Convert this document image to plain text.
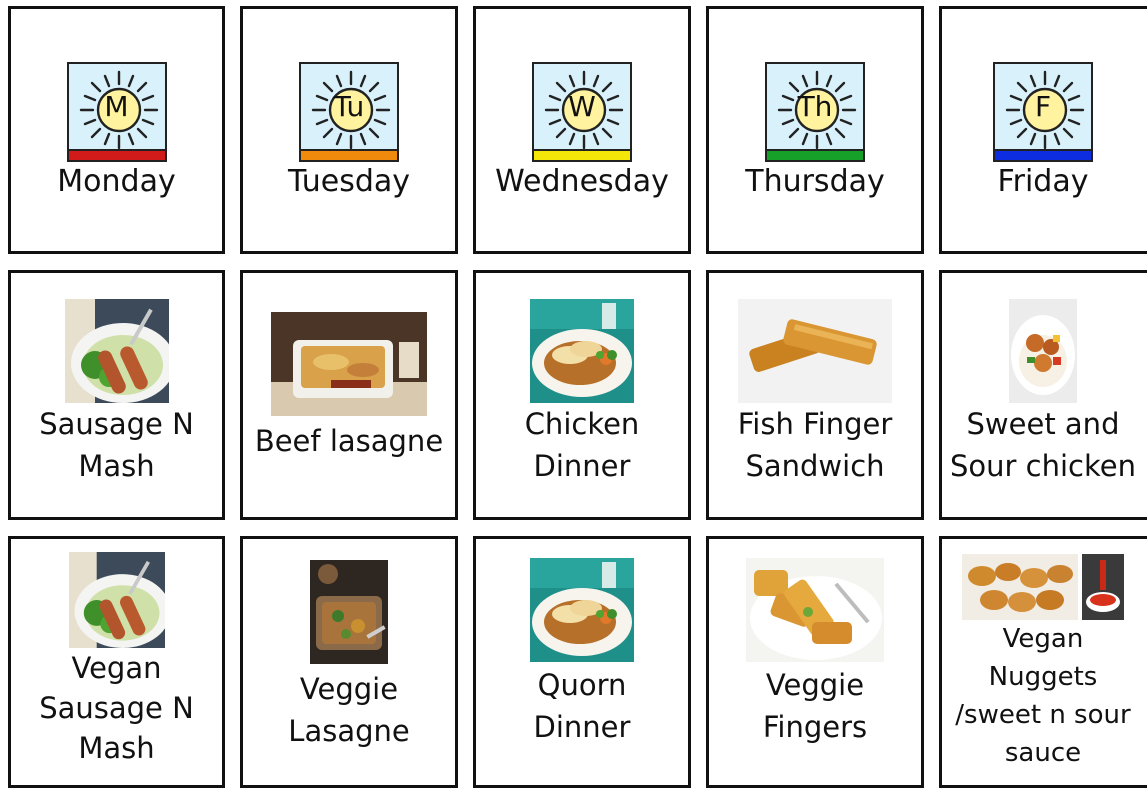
M
Monday
Tu
Tuesday
W
Wednesday
Th
Thursday
F
Friday
Sausage N
Mash
Beef lasagne	Chicken
Dinner
Fish Finger
Sandwich
Sweet and
Sour chicken
Vegan
Sausage N
Mash
Veggie
Lasagne
Quorn
Dinner
Veggie
Fingers
Vegan
Nuggets
/sweet n sour
sauce
